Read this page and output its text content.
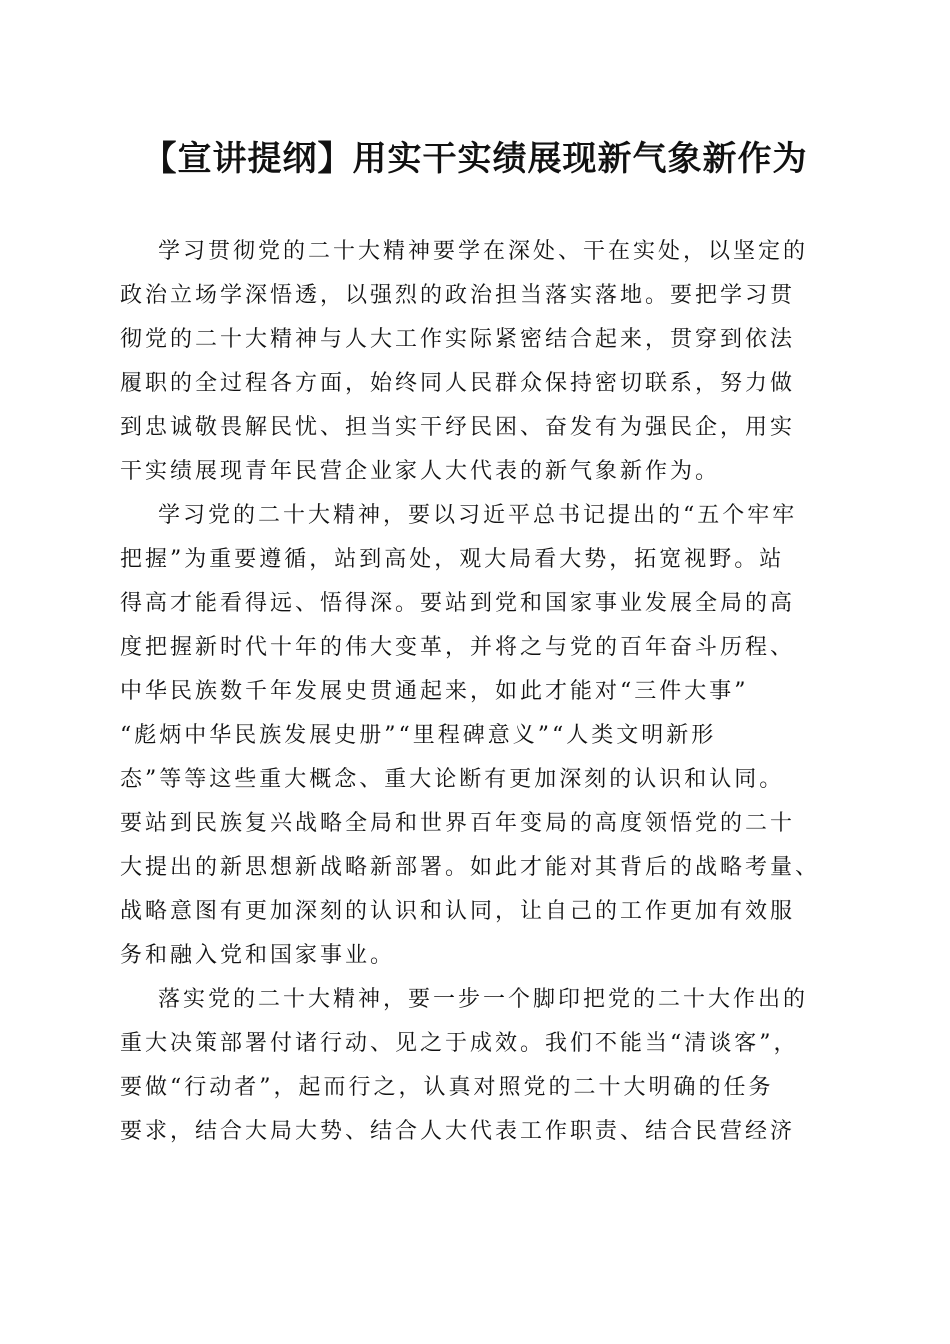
【宣讲提纲】用实干实绩展现新气象新作为
学习贯彻党的二十大精神要学在深处、干在实处，以坚定的
政治立场学深悟透，以强烈的政治担当落实落地。要把学习贯
彻党的二十大精神与人大工作实际紧密结合起来，贯穿到依法
履职的全过程各方面，始终同人民群众保持密切联系，努力做
到忠诚敬畏解民忧、担当实干纾民困、奋发有为强民企，用实
干实绩展现青年民营企业家人大代表的新气象新作为。
学习党的二十大精神，要以习近平总书记提出的“五个牢牢
把握”为重要遵循，站到高处，观大局看大势，拓宽视野。站
得高才能看得远、悟得深。要站到党和国家事业发展全局的高
度把握新时代十年的伟大变革，并将之与党的百年奋斗历程、
中华民族数千年发展史贯通起来，如此才能对“三件大事”
“彪炳中华民族发展史册”“里程碑意义”“人类文明新形
态”等等这些重大概念、重大论断有更加深刻的认识和认同。
要站到民族复兴战略全局和世界百年变局的高度领悟党的二十
大提出的新思想新战略新部署。如此才能对其背后的战略考量、
战略意图有更加深刻的认识和认同，让自己的工作更加有效服
务和融入党和国家事业。
落实党的二十大精神，要一步一个脚印把党的二十大作出的
重大决策部署付诸行动、见之于成效。我们不能当“清谈客”，
要做“行动者”，起而行之，认真对照党的二十大明确的任务
要求，结合大局大势、结合人大代表工作职责、结合民营经济
